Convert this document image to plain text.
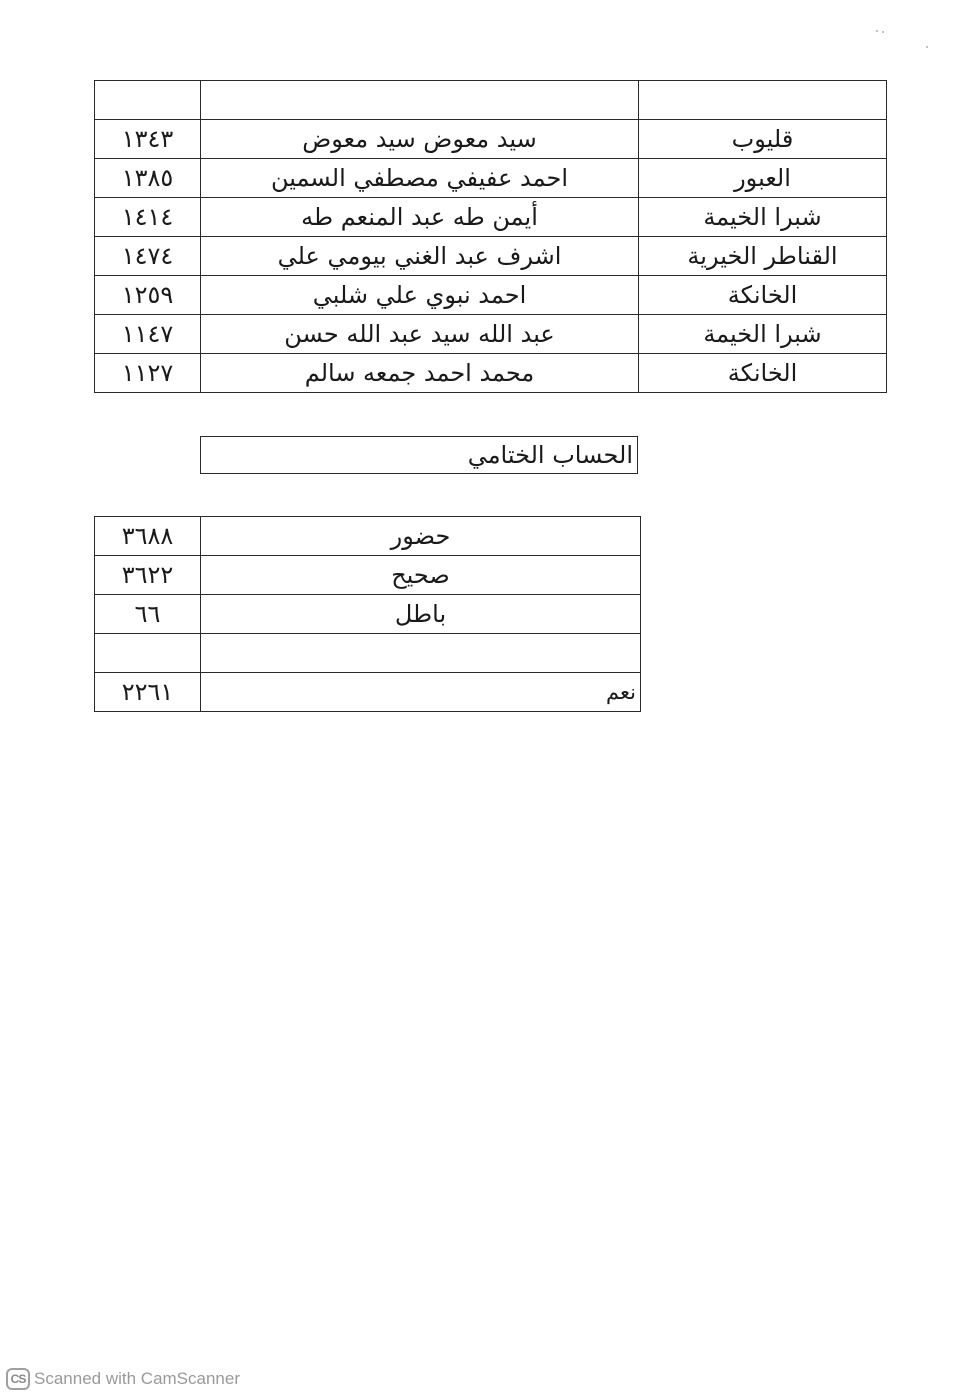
١٣٤٣	سيد معوض سيد معوض	قليوب
١٣٨٥	احمد عفيفي مصطفي السمين	العبور
١٤١٤	أيمن طه عبد المنعم طه	شبرا الخيمة
١٤٧٤	اشرف عبد الغني بيومي علي	القناطر الخيرية
١٢٥٩	احمد نبوي علي شلبي	الخانكة
١١٤٧	عبد الله سيد عبد الله حسن	شبرا الخيمة
١١٢٧	محمد احمد جمعه سالم	الخانكة
الحساب الختامي
٣٦٨٨	حضور
٣٦٢٢	صحيح
٦٦	باطل

٢٢٦١	نعم
CS Scanned with CamScanner
